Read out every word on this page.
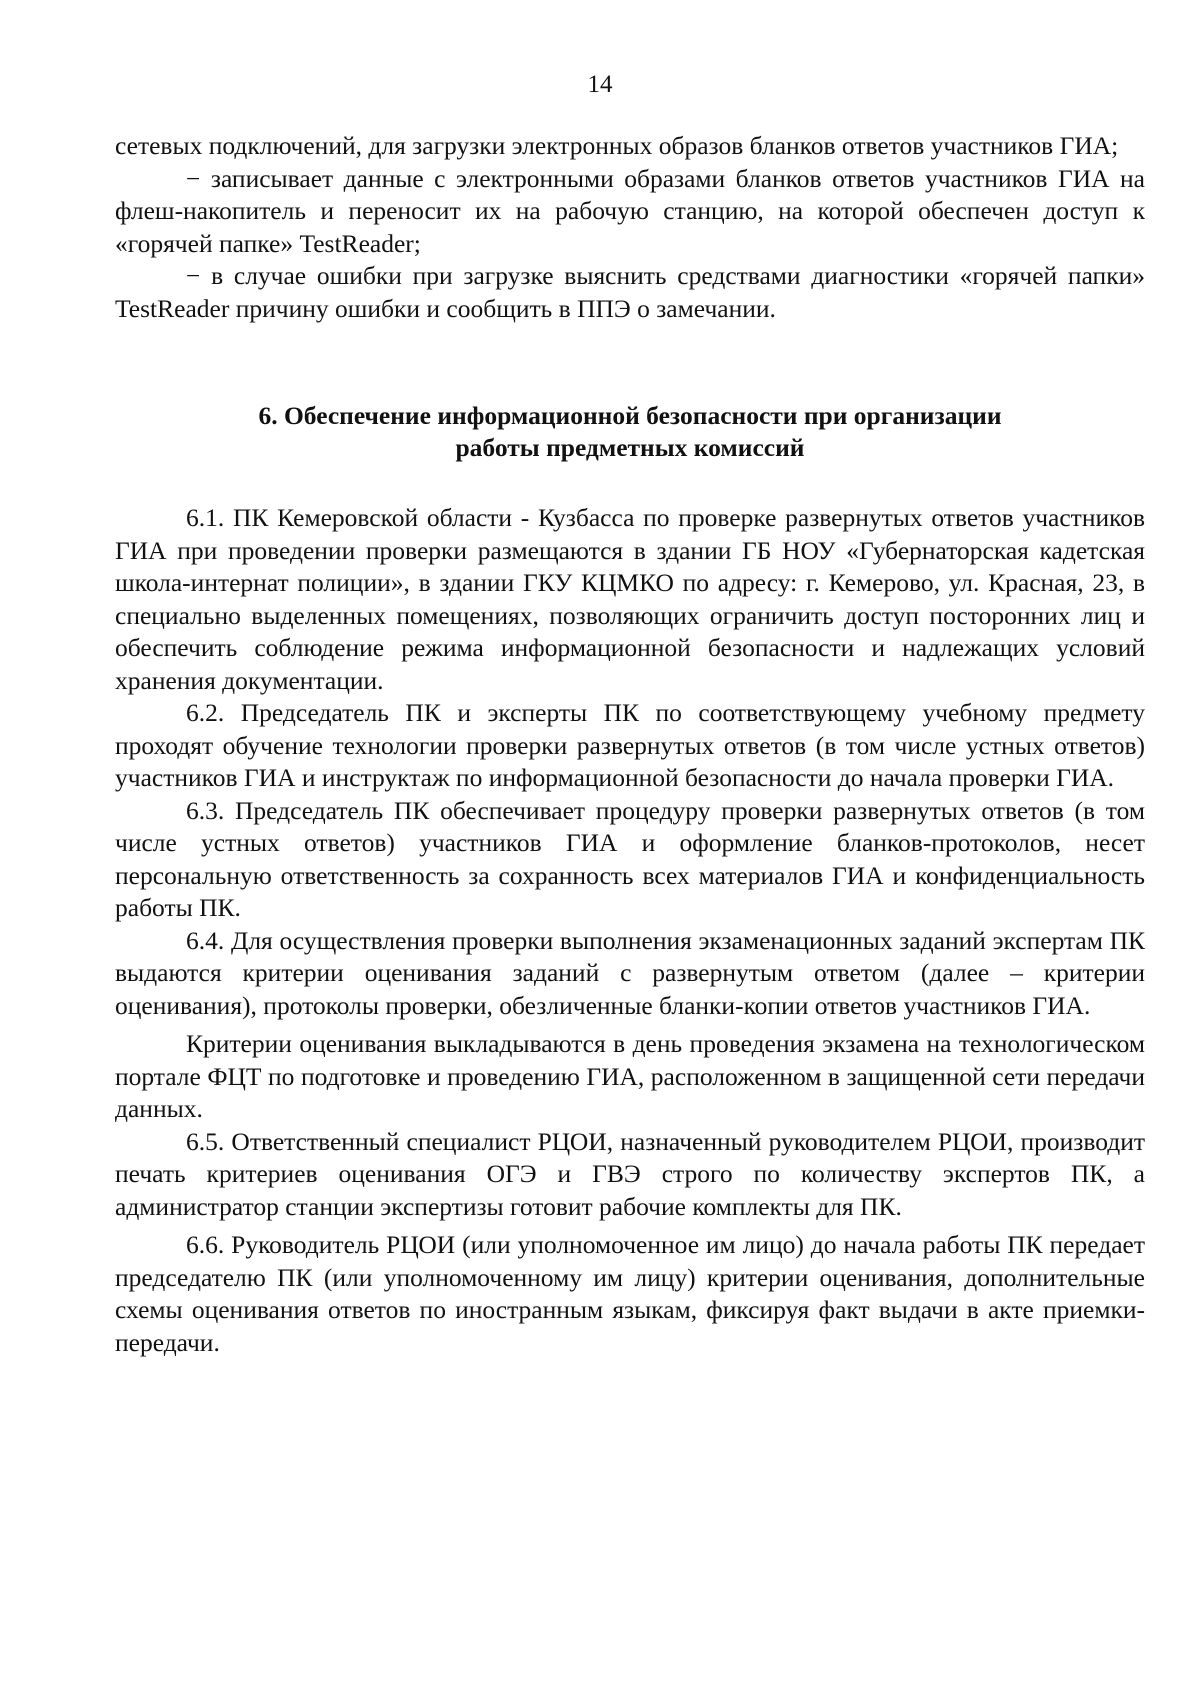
14

сетевых подключений, для загрузки электронных образов бланков ответов участников ГИА;

− записывает данные с электронными образами бланков ответов участников ГИА на флеш-накопитель и переносит их на рабочую станцию, на которой обеспечен доступ к «горячей папке» TestReader;

− в случае ошибки при загрузке выяснить средствами диагностики «горячей папки» TestReader причину ошибки и сообщить в ППЭ о замечании.

6. Обеспечение информационной безопасности при организации
работы предметных комиссий

6.1. ПК Кемеровской области - Кузбасса по проверке развернутых ответов участников ГИА при проведении проверки размещаются в здании ГБ НОУ «Губернаторская кадетская школа-интернат полиции», в здании ГКУ КЦМКО по адресу: г. Кемерово, ул. Красная, 23, в специально выделенных помещениях, позволяющих ограничить доступ посторонних лиц и обеспечить соблюдение режима информационной безопасности и надлежащих условий хранения документации.

6.2. Председатель ПК и эксперты ПК по соответствующему учебному предмету проходят обучение технологии проверки развернутых ответов (в том числе устных ответов) участников ГИА и инструктаж по информационной безопасности до начала проверки ГИА.

6.3. Председатель ПК обеспечивает процедуру проверки развернутых ответов (в том числе устных ответов) участников ГИА и оформление бланков-протоколов, несет персональную ответственность за сохранность всех материалов ГИА и конфиденциальность работы ПК.

6.4. Для осуществления проверки выполнения экзаменационных заданий экспертам ПК выдаются критерии оценивания заданий с развернутым ответом (далее – критерии оценивания), протоколы проверки, обезличенные бланки-копии ответов участников ГИА.

Критерии оценивания выкладываются в день проведения экзамена на технологическом портале ФЦТ по подготовке и проведению ГИА, расположенном в защищенной сети передачи данных.

6.5. Ответственный специалист РЦОИ, назначенный руководителем РЦОИ, производит печать критериев оценивания ОГЭ и ГВЭ строго по количеству экспертов ПК, а администратор станции экспертизы готовит рабочие комплекты для ПК.

6.6. Руководитель РЦОИ (или уполномоченное им лицо) до начала работы ПК передает председателю ПК (или уполномоченному им лицу) критерии оценивания, дополнительные схемы оценивания ответов по иностранным языкам, фиксируя факт выдачи в акте приемки-передачи.
